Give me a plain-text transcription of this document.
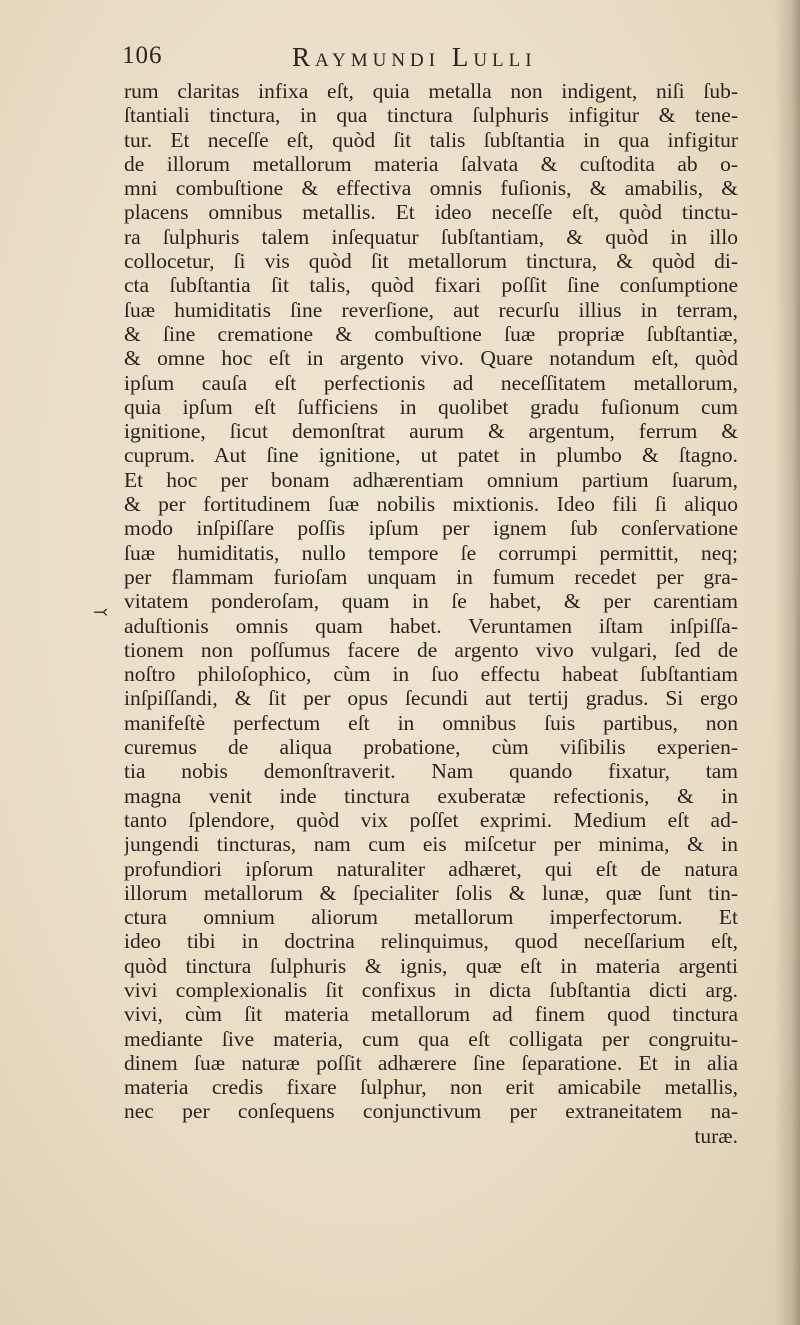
106	Raymundi Lulli
⤙
rum claritas infixa eſt, quia metalla non indigent, niſi ſub-
ſtantiali tinctura, in qua tinctura ſulphuris infigitur & tene-
tur. Et neceſſe eſt, quòd ſit talis ſubſtantia in qua infigitur
de illorum metallorum materia ſalvata & cuſtodita ab o-
mni combuſtione & effectiva omnis fuſionis, & amabilis, &
placens omnibus metallis. Et ideo neceſſe eſt, quòd tinctu-
ra ſulphuris talem inſequatur ſubſtantiam, & quòd in illo
collocetur, ſi vis quòd ſit metallorum tinctura, & quòd di-
cta ſubſtantia ſit talis, quòd fixari poſſit ſine conſumptione
ſuæ humiditatis ſine reverſione, aut recurſu illius in terram,
& ſine crematione & combuſtione ſuæ propriæ ſubſtantiæ,
& omne hoc eſt in argento vivo. Quare notandum eſt, quòd
ipſum cauſa eſt perfectionis ad neceſſitatem metallorum,
quia ipſum eſt ſufficiens in quolibet gradu fuſionum cum
ignitione, ſicut demonſtrat aurum & argentum, ferrum &
cuprum. Aut ſine ignitione, ut patet in plumbo & ſtagno.
Et hoc per bonam adhærentiam omnium partium ſuarum,
& per fortitudinem ſuæ nobilis mixtionis. Ideo fili ſi aliquo
modo inſpiſſare poſſis ipſum per ignem ſub conſervatione
ſuæ humiditatis, nullo tempore ſe corrumpi permittit, neq;
per flammam furioſam unquam in fumum recedet per gra-
vitatem ponderoſam, quam in ſe habet, & per carentiam
aduſtionis omnis quam habet. Veruntamen iſtam inſpiſſa-
tionem non poſſumus facere de argento vivo vulgari, ſed de
noſtro philoſophico, cùm in ſuo effectu habeat ſubſtantiam
inſpiſſandi, & ſit per opus ſecundi aut tertij gradus. Si ergo
manifeſtè perfectum eſt in omnibus ſuis partibus, non
curemus de aliqua probatione, cùm viſibilis experien-
tia nobis demonſtraverit. Nam quando fixatur, tam
magna venit inde tinctura exuberatæ refectionis, & in
tanto ſplendore, quòd vix poſſet exprimi. Medium eſt ad-
jungendi tincturas, nam cum eis miſcetur per minima, & in
profundiori ipſorum naturaliter adhæret, qui eſt de natura
illorum metallorum & ſpecialiter ſolis & lunæ, quæ ſunt tin-
ctura omnium aliorum metallorum imperfectorum. Et
ideo tibi in doctrina relinquimus, quod neceſſarium eſt,
quòd tinctura ſulphuris & ignis, quæ eſt in materia argenti
vivi complexionalis ſit confixus in dicta ſubſtantia dicti arg.
vivi, cùm ſit materia metallorum ad finem quod tinctura
mediante ſive materia, cum qua eſt colligata per congruitu-
dinem ſuæ naturæ poſſit adhærere ſine ſeparatione. Et in alia
materia credis fixare ſulphur, non erit amicabile metallis,
nec per conſequens conjunctivum per extraneitatem na-
turæ.
